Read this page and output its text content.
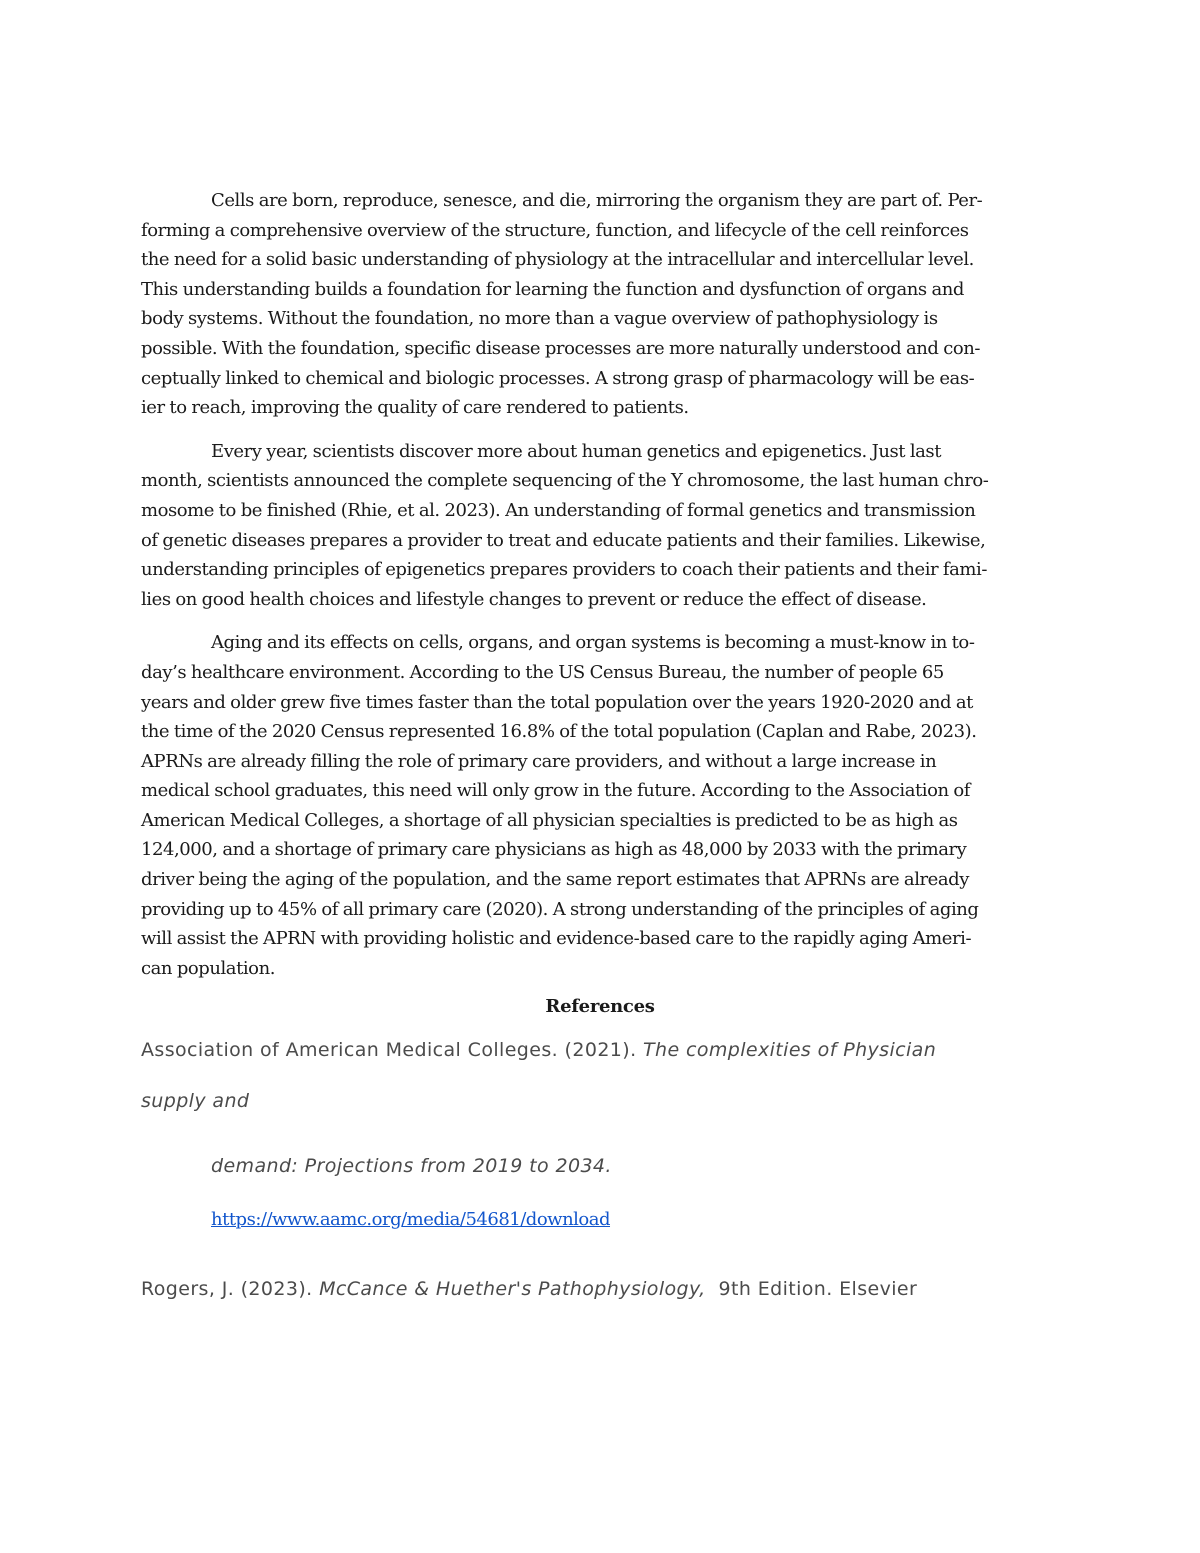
Cells are born, reproduce, senesce, and die, mirroring the organism they are part of. Per-
forming a comprehensive overview of the structure, function, and lifecycle of the cell reinforces
the need for a solid basic understanding of physiology at the intracellular and intercellular level.
This understanding builds a foundation for learning the function and dysfunction of organs and
body systems. Without the foundation, no more than a vague overview of pathophysiology is
possible. With the foundation, specific disease processes are more naturally understood and con-
ceptually linked to chemical and biologic processes. A strong grasp of pharmacology will be eas-
ier to reach, improving the quality of care rendered to patients.

Every year, scientists discover more about human genetics and epigenetics. Just last
month, scientists announced the complete sequencing of the Y chromosome, the last human chro-
mosome to be finished (Rhie, et al. 2023). An understanding of formal genetics and transmission
of genetic diseases prepares a provider to treat and educate patients and their families. Likewise,
understanding principles of epigenetics prepares providers to coach their patients and their fami-
lies on good health choices and lifestyle changes to prevent or reduce the effect of disease.

Aging and its effects on cells, organs, and organ systems is becoming a must-know in to-
day’s healthcare environment. According to the US Census Bureau, the number of people 65
years and older grew five times faster than the total population over the years 1920-2020 and at
the time of the 2020 Census represented 16.8% of the total population (Caplan and Rabe, 2023).
APRNs are already filling the role of primary care providers, and without a large increase in
medical school graduates, this need will only grow in the future. According to the Association of
American Medical Colleges, a shortage of all physician specialties is predicted to be as high as
124,000, and a shortage of primary care physicians as high as 48,000 by 2033 with the primary
driver being the aging of the population, and the same report estimates that APRNs are already
providing up to 45% of all primary care (2020). A strong understanding of the principles of aging
will assist the APRN with providing holistic and evidence-based care to the rapidly aging Ameri-
can population.

References
Association of American Medical Colleges. (2021). The complexities of Physician
supply and
demand: Projections from 2019 to 2034.
https://www.aamc.org/media/54681/download
Rogers, J. (2023). McCance & Huether's Pathophysiology,  9th Edition. Elsevier
